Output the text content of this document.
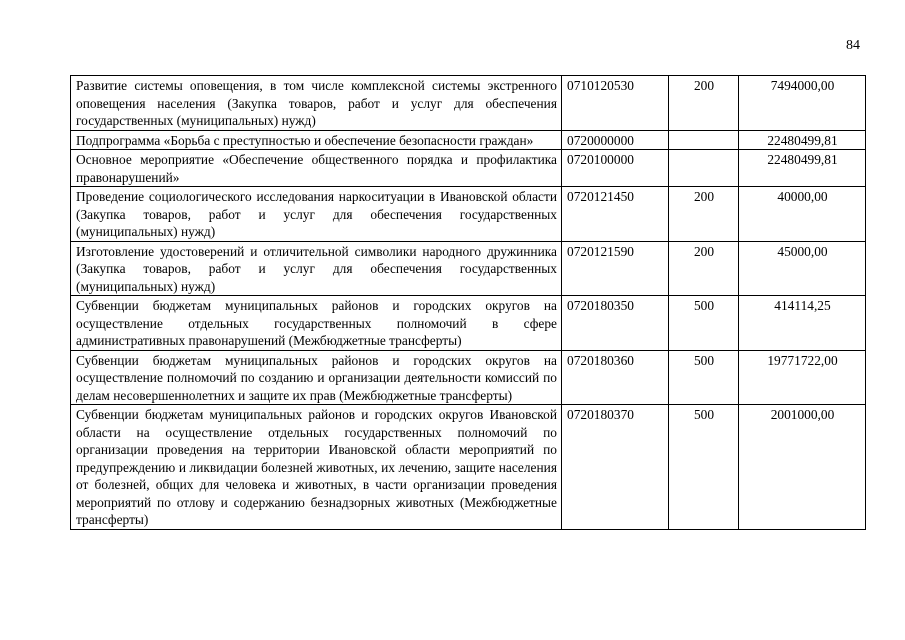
84
Развитие системы оповещения, в том числе комплексной системы экстренного оповещения населения (Закупка товаров, работ и услуг для обеспечения государственных (муниципальных) нужд)	0710120530	200	7494000,00
Подпрограмма «Борьба с преступностью и обеспечение безопасности граждан»	0720000000		22480499,81
Основное мероприятие «Обеспечение общественного порядка и профилактика правонарушений»	0720100000		22480499,81
Проведение социологического исследования наркоситуации в Ивановской области (Закупка товаров, работ и услуг для обеспечения государственных (муниципальных) нужд)	0720121450	200	40000,00
Изготовление удостоверений и отличительной символики народного дружинника (Закупка товаров, работ и услуг для обеспечения государственных (муниципальных) нужд)	0720121590	200	45000,00
Субвенции бюджетам муниципальных районов и городских округов на осуществление отдельных государственных полномочий в сфере административных правонарушений (Межбюджетные трансферты)	0720180350	500	414114,25
Субвенции бюджетам муниципальных районов и городских округов на осуществление полномочий по созданию и организации деятельности комиссий по делам несовершеннолетних и защите их прав (Межбюджетные трансферты)	0720180360	500	19771722,00
Субвенции бюджетам муниципальных районов и городских округов Ивановской области на осуществление отдельных государственных полномочий по организации проведения на территории Ивановской области мероприятий по предупреждению и ликвидации болезней животных, их лечению, защите населения от болезней, общих для человека и животных, в части организации проведения мероприятий по отлову и содержанию безнадзорных животных (Межбюджетные трансферты)	0720180370	500	2001000,00
